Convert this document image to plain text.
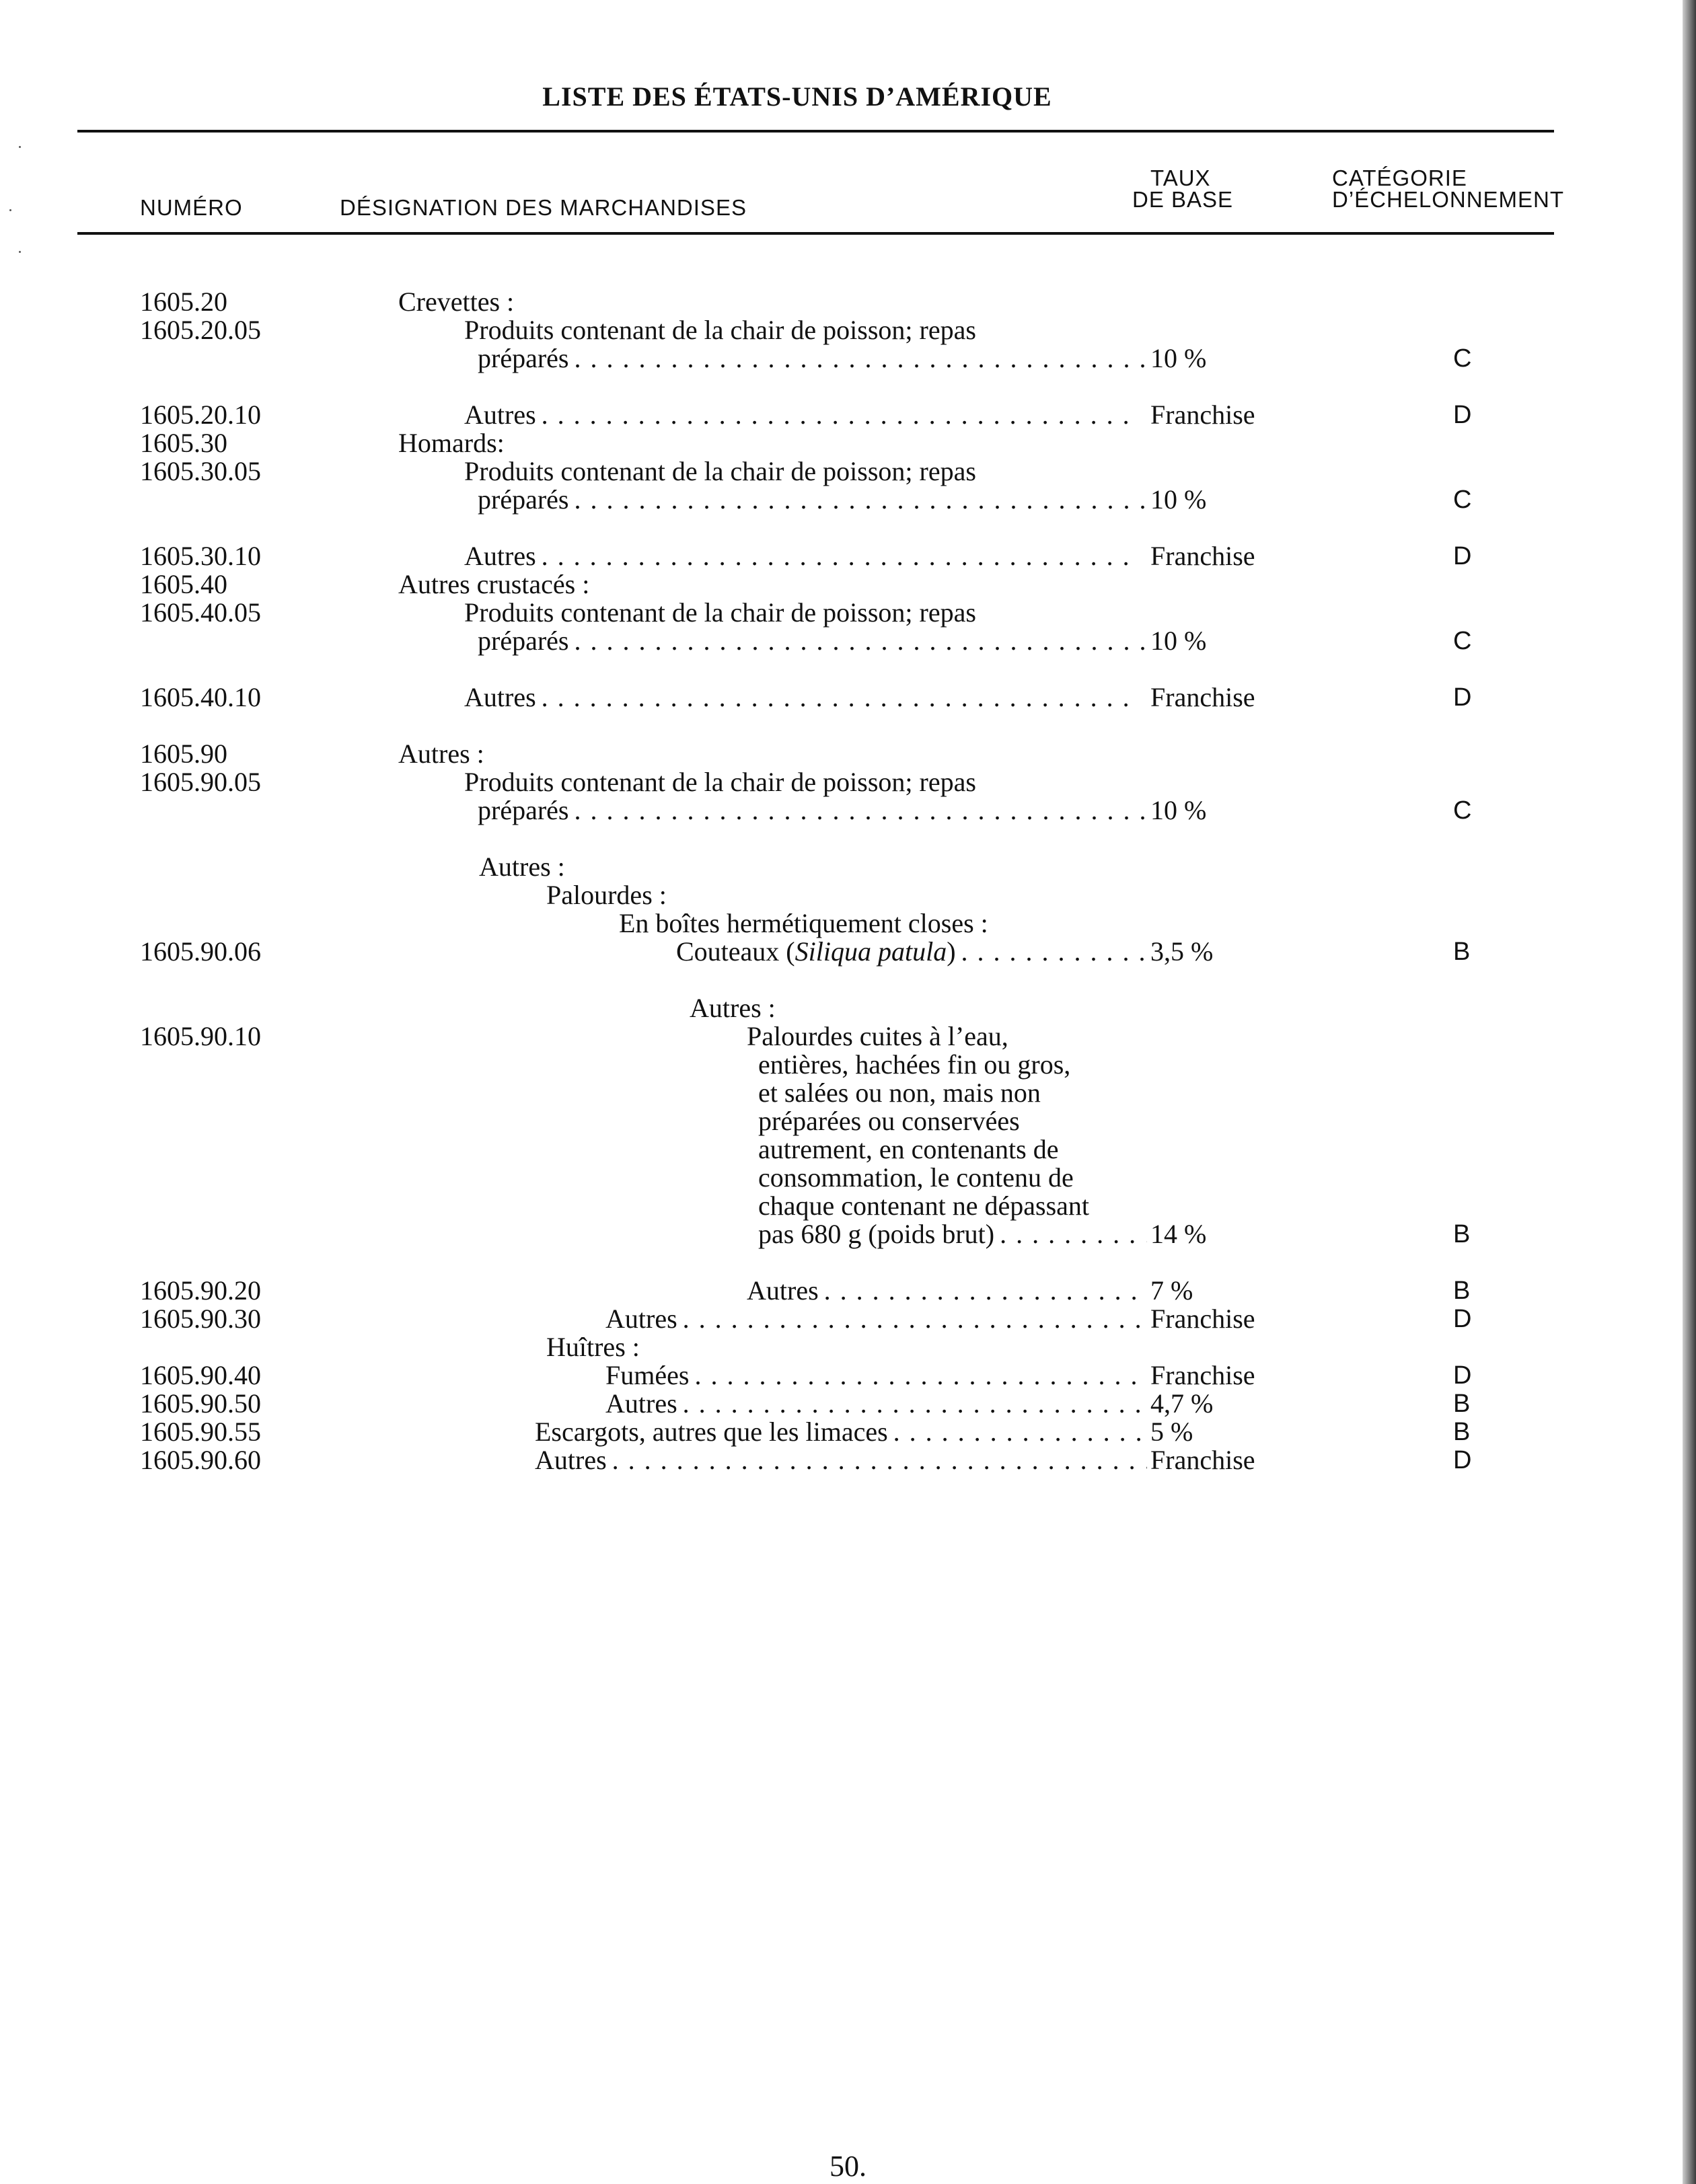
LISTE DES ÉTATS-UNIS D’AMÉRIQUE
NUMÉRO	DÉSIGNATION DES MARCHANDISES
TAUX
DE BASE
CATÉGORIE
D’ÉCHELONNEMENT
1605.20	Crevettes :
1605.20.05	Produits contenant de la chair de poisson; repas
préparés . . .	10 %	C
1605.20.10	Autres . . .	Franchise	D
1605.30	Homards:
1605.30.05	Produits contenant de la chair de poisson; repas
préparés . . .	10 %	C
1605.30.10	Autres . . .	Franchise	D
1605.40	Autres crustacés :
1605.40.05	Produits contenant de la chair de poisson; repas
préparés . . .	10 %	C
1605.40.10	Autres . . .	Franchise	D
1605.90	Autres :
1605.90.05	Produits contenant de la chair de poisson; repas
préparés . . .	10 %	C
Autres :
Palourdes :
En boîtes hermétiquement closes :
1605.90.06	Couteaux (Siliqua patula) . . .	3,5 %	B
Autres :
1605.90.10	Palourdes cuites à l’eau,
entières, hachées fin ou gros,
et salées ou non, mais non
préparées ou conservées
autrement, en contenants de
consommation, le contenu de
chaque contenant ne dépassant
pas 680 g (poids brut) . . .	14 %	B
1605.90.20	Autres . . .	7 %	B
1605.90.30	Autres . . .	Franchise	D
Huîtres :
1605.90.40	Fumées . . .	Franchise	D
1605.90.50	Autres . . .	4,7 %	B
1605.90.55	Escargots, autres que les limaces . . .	5 %	B
1605.90.60	Autres . . .	Franchise	D
50.
